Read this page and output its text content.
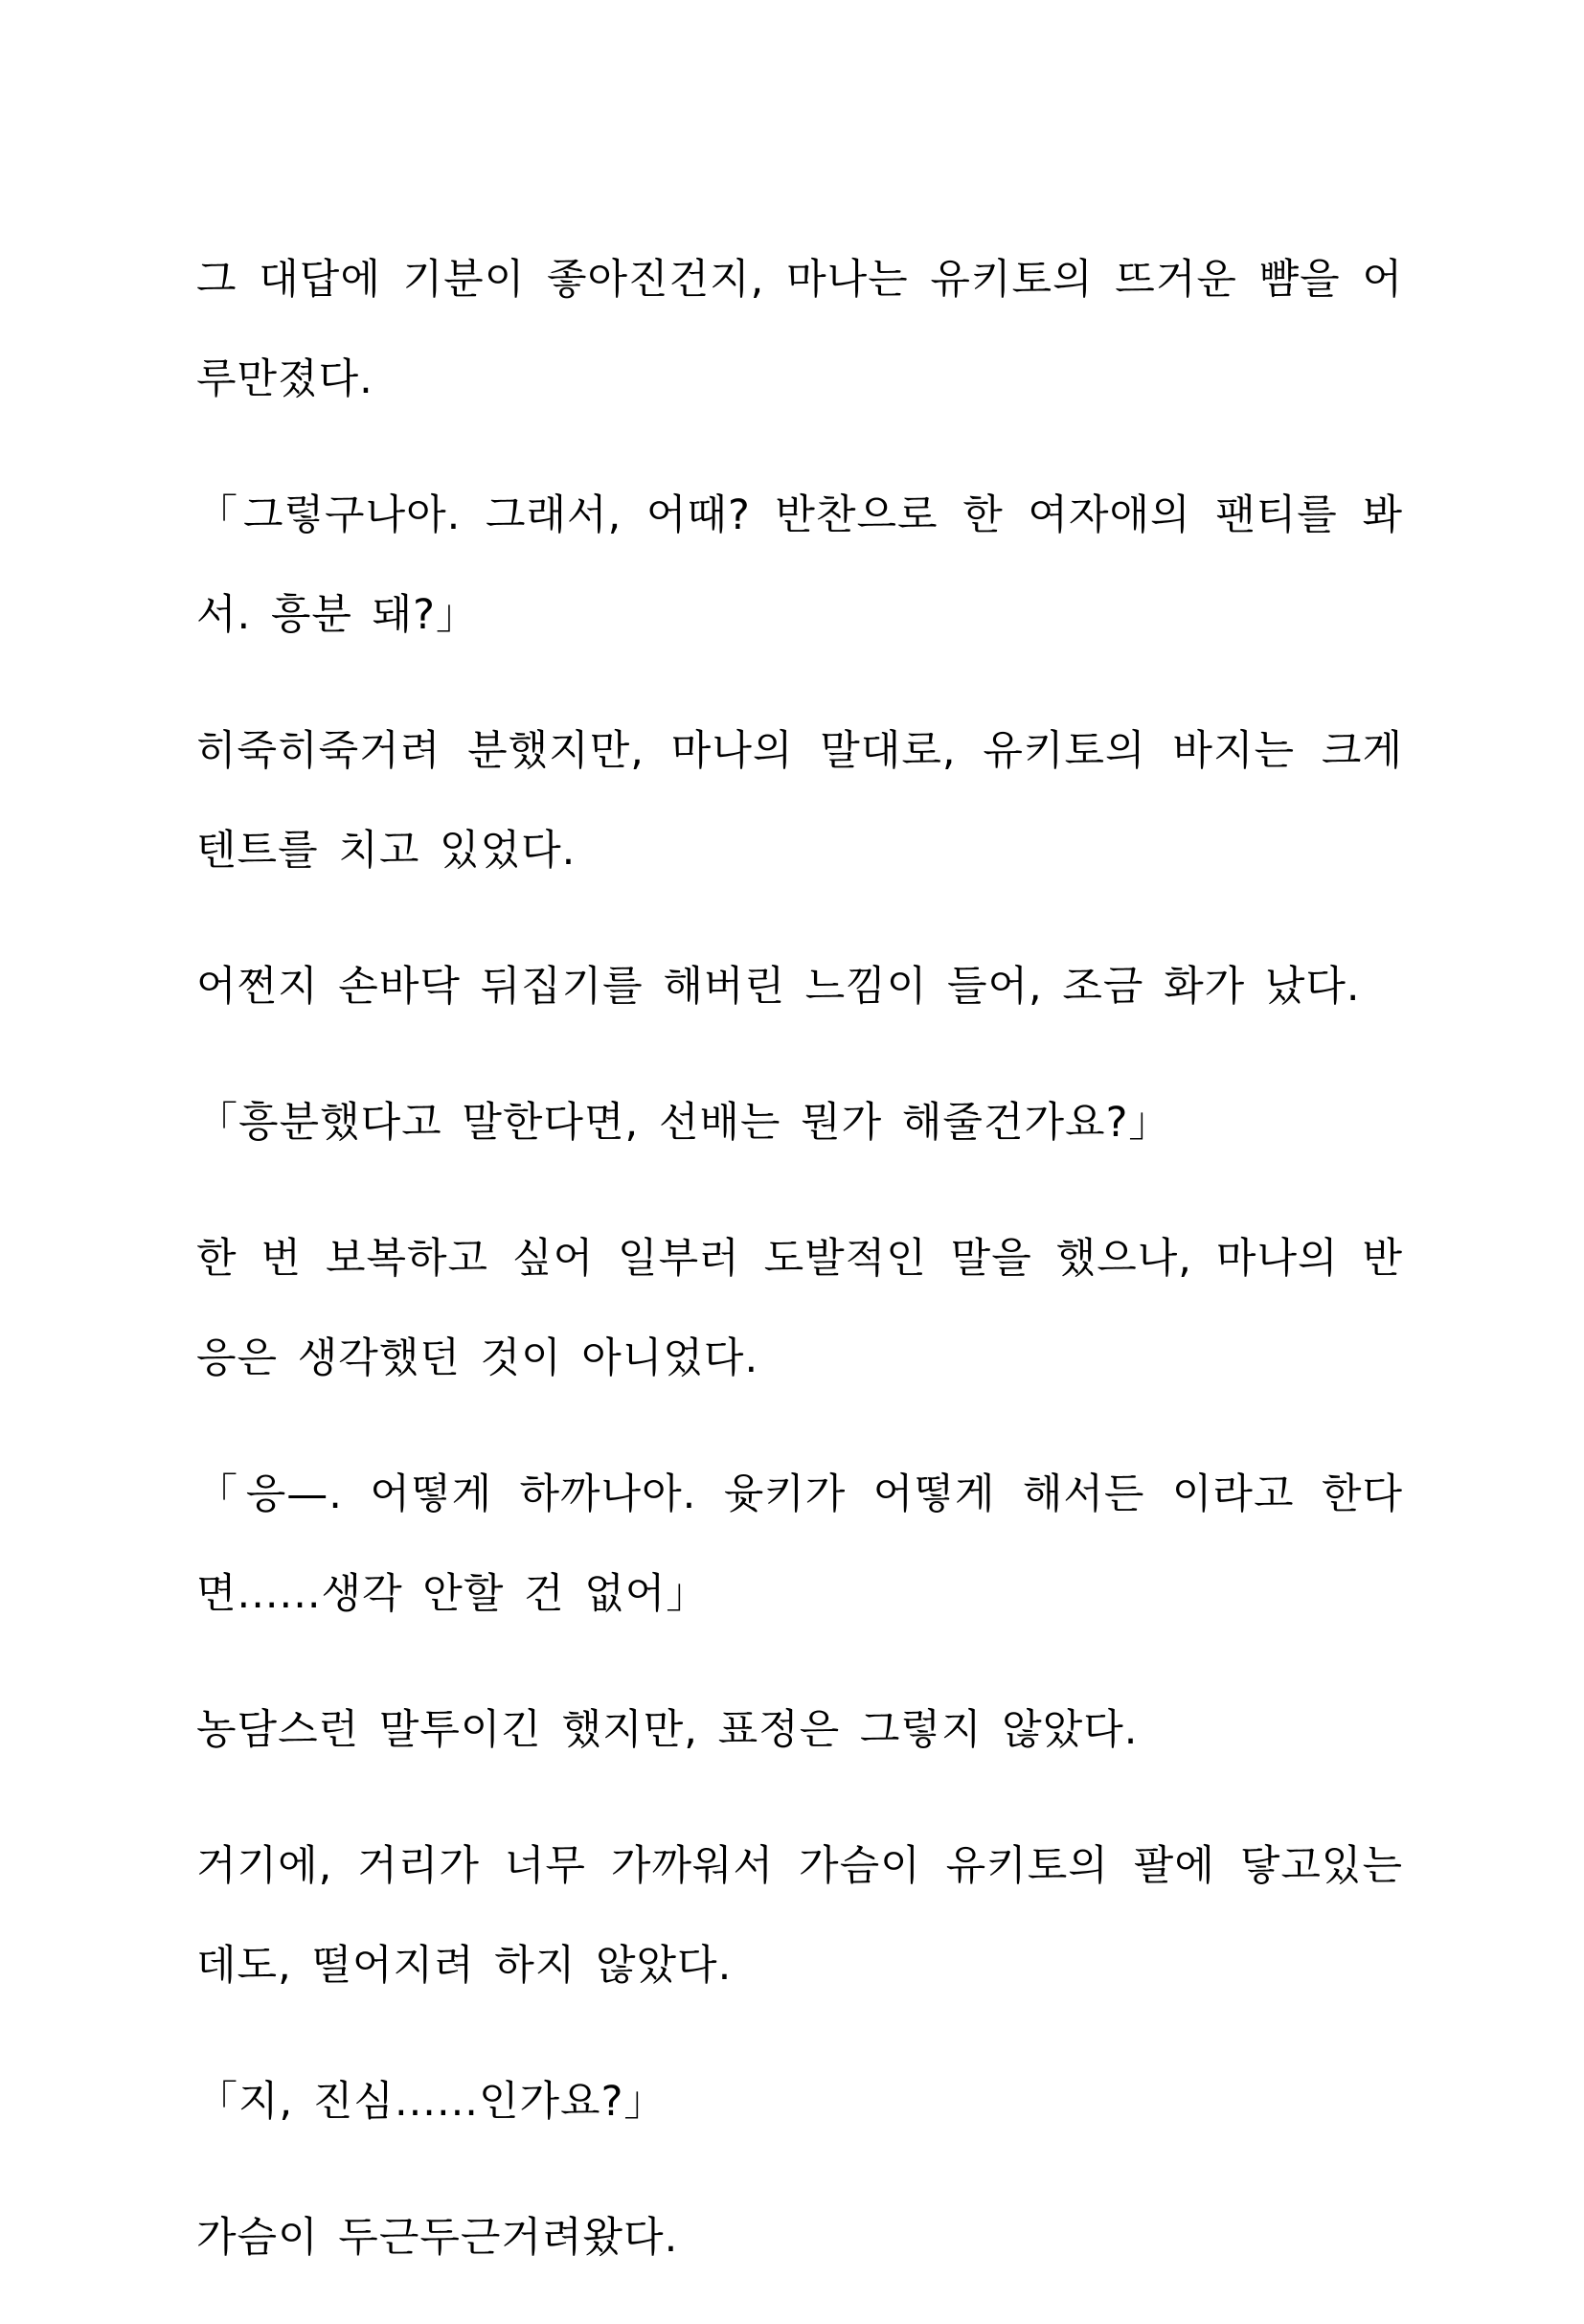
그 대답에 기분이 좋아진건지, 마나는 유키토의 뜨거운 뺨을 어루만졌다.

「그렇구나아. 그래서, 어때? 반찬으로 한 여자애의 팬티를 봐서. 흥분 돼?」

히죽히죽거려 분했지만, 마나의 말대로, 유키토의 바지는 크게 텐트를 치고 있었다.

어쩐지 손바닥 뒤집기를 해버린 느낌이 들어, 조금 화가 났다.

「흥분했다고 말한다면, 선배는 뭔가 해줄건가요?」

한 번 보복하고 싶어 일부러 도발적인 말을 했으나, 마나의 반응은 생각했던 것이 아니었다.

「응—. 어떻게 하까나아. 윳키가 어떻게 해서든 이라고 한다면......생각 안할 건 없어」

농담스런 말투이긴 했지만, 표정은 그렇지 않았다.

거기에, 거리가 너무 가까워서 가슴이 유키토의 팔에 닿고있는데도, 떨어지려 하지 않았다.

「지, 진심......인가요?」

가슴이 두근두근거려왔다.
